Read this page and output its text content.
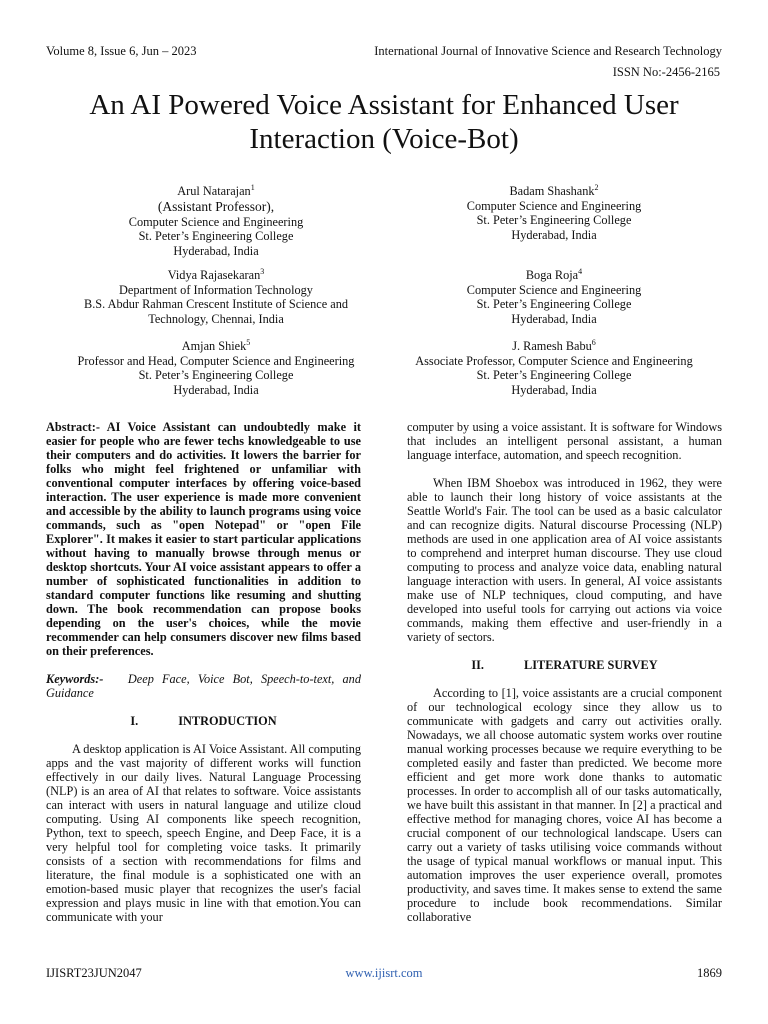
Volume 8, Issue 6, Jun – 2023	International Journal of Innovative Science and Research Technology
ISSN No:-2456-2165
An AI Powered Voice Assistant for Enhanced User
Interaction (Voice-Bot)
Arul Natarajan$^1$
(Assistant Professor),
Computer Science and Engineering
St. Peter’s Engineering College
Hyderabad, India
Badam Shashank$^2$
Computer Science and Engineering
St. Peter’s Engineering College
Hyderabad, India
Vidya Rajasekaran$^3$
Department of Information Technology
B.S. Abdur Rahman Crescent Institute of Science and
Technology, Chennai, India
Boga Roja$^4$
Computer Science and Engineering
St. Peter’s Engineering College
Hyderabad, India
Amjan Shiek$^5$
Professor and Head, Computer Science and Engineering
St. Peter’s Engineering College
Hyderabad, India
J. Ramesh Babu$^6$
Associate Professor, Computer Science and Engineering
St. Peter’s Engineering College
Hyderabad, India

Abstract:- AI Voice Assistant can undoubtedly make it easier for people who are fewer techs knowledgeable to use their computers and do activities. It lowers the barrier for folks who might feel frightened or unfamiliar with conventional computer interfaces by offering voice-based interaction. The user experience is made more convenient and accessible by the ability to launch programs using voice commands, such as "open Notepad" or "open File Explorer". It makes it easier to start particular applications without having to manually browse through menus or desktop shortcuts. Your AI voice assistant appears to offer a number of sophisticated functionalities in addition to standard computer functions like resuming and shutting down. The book recommendation can propose books depending on the user's choices, while the movie recommender can help consumers discover new films based on their preferences.

Keywords:- Deep Face, Voice Bot, Speech-to-text, and Guidance

I.	INTRODUCTION

A desktop application is AI Voice Assistant. All computing apps and the vast majority of different works will function effectively in our daily lives. Natural Language Processing (NLP) is an area of AI that relates to software. Voice assistants can interact with users in natural language and utilize cloud computing. Using AI components like speech recognition, Python, text to speech, speech Engine, and Deep Face, it is a very helpful tool for completing voice tasks. It primarily consists of a section with recommendations for films and literature, the final module is a sophisticated one with an emotion-based music player that recognizes the user's facial expression and plays music in line with that emotion.You can communicate with your

computer by using a voice assistant. It is software for Windows that includes an intelligent personal assistant, a human language interface, automation, and speech recognition.

When IBM Shoebox was introduced in 1962, they were able to launch their long history of voice assistants at the Seattle World's Fair. The tool can be used as a basic calculator and can recognize digits. Natural discourse Processing (NLP) methods are used in one application area of AI voice assistants to comprehend and interpret human discourse. They use cloud computing to process and analyze voice data, enabling natural language interaction with users. In general, AI voice assistants make use of NLP techniques, cloud computing, and have developed into useful tools for carrying out actions via voice commands, making them effective and user-friendly in a variety of sectors.

II.	LITERATURE SURVEY

According to [1], voice assistants are a crucial component of our technological ecology since they allow us to communicate with gadgets and carry out activities orally. Nowadays, we all choose automatic system works over routine manual working processes because we require everything to be completed easily and faster than predicted. We become more efficient and get more work done thanks to automatic processes. In order to accomplish all of our tasks automatically, we have built this assistant in that manner. In [2] a practical and effective method for managing chores, voice AI has become a crucial component of our technological landscape. Users can carry out a variety of tasks utilising voice commands without the usage of typical manual workflows or manual input. This automation improves the user experience overall, promotes productivity, and saves time. It makes sense to extend the same procedure to include book recommendations. Similar collaborative

IJISRT23JUN2047	www.ijisrt.com	1869
